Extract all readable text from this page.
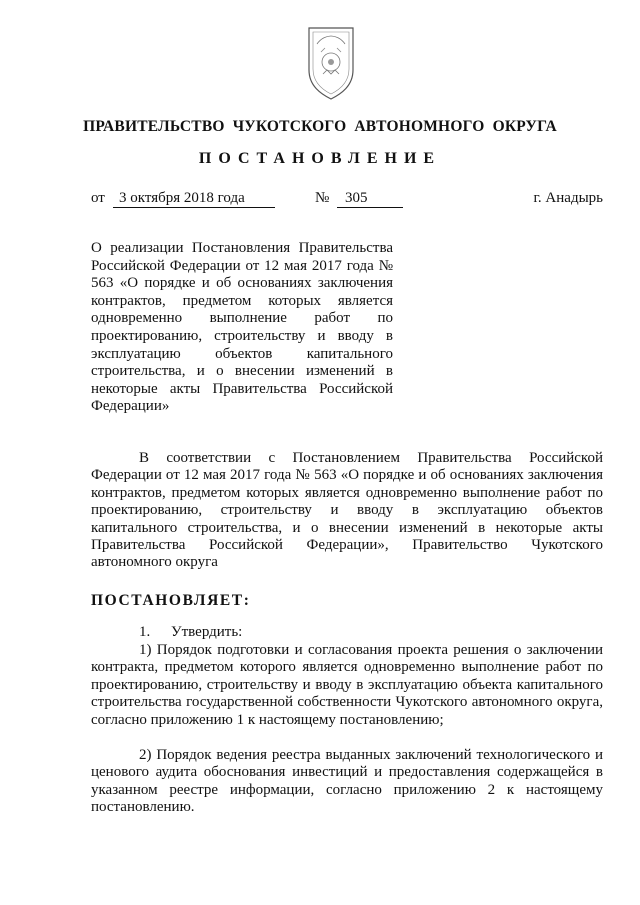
ПРАВИТЕЛЬСТВО ЧУКОТСКОГО АВТОНОМНОГО ОКРУГА
ПОСТАНОВЛЕНИЕ
от 3 октября 2018 года	№	305	г. Анадырь
О реализации Постановления Правительства Российской Федерации от 12 мая 2017 года № 563 «О порядке и об основаниях заключения контрактов, предметом которых является одновременно выполнение работ по проектированию, строительству и вводу в эксплуатацию объектов капитального строительства, и о внесении изменений в некоторые акты Правительства Российской Федерации»
В соответствии с Постановлением Правительства Российской Федерации от 12 мая 2017 года № 563 «О порядке и об основаниях заключения контрактов, предметом которых является одновременно выполнение работ по проектированию, строительству и вводу в эксплуатацию объектов капитального строительства, и о внесении изменений в некоторые акты Правительства Российской Федерации», Правительство Чукотского автономного округа
ПОСТАНОВЛЯЕТ:
1. Утвердить:
1) Порядок подготовки и согласования проекта решения о заключении контракта, предметом которого является одновременно выполнение работ по проектированию, строительству и вводу в эксплуатацию объекта капитального строительства государственной собственности Чукотского автономного округа, согласно приложению 1 к настоящему постановлению;
2) Порядок ведения реестра выданных заключений технологического и ценового аудита обоснования инвестиций и предоставления содержащейся в указанном реестре информации, согласно приложению 2 к настоящему постановлению.
